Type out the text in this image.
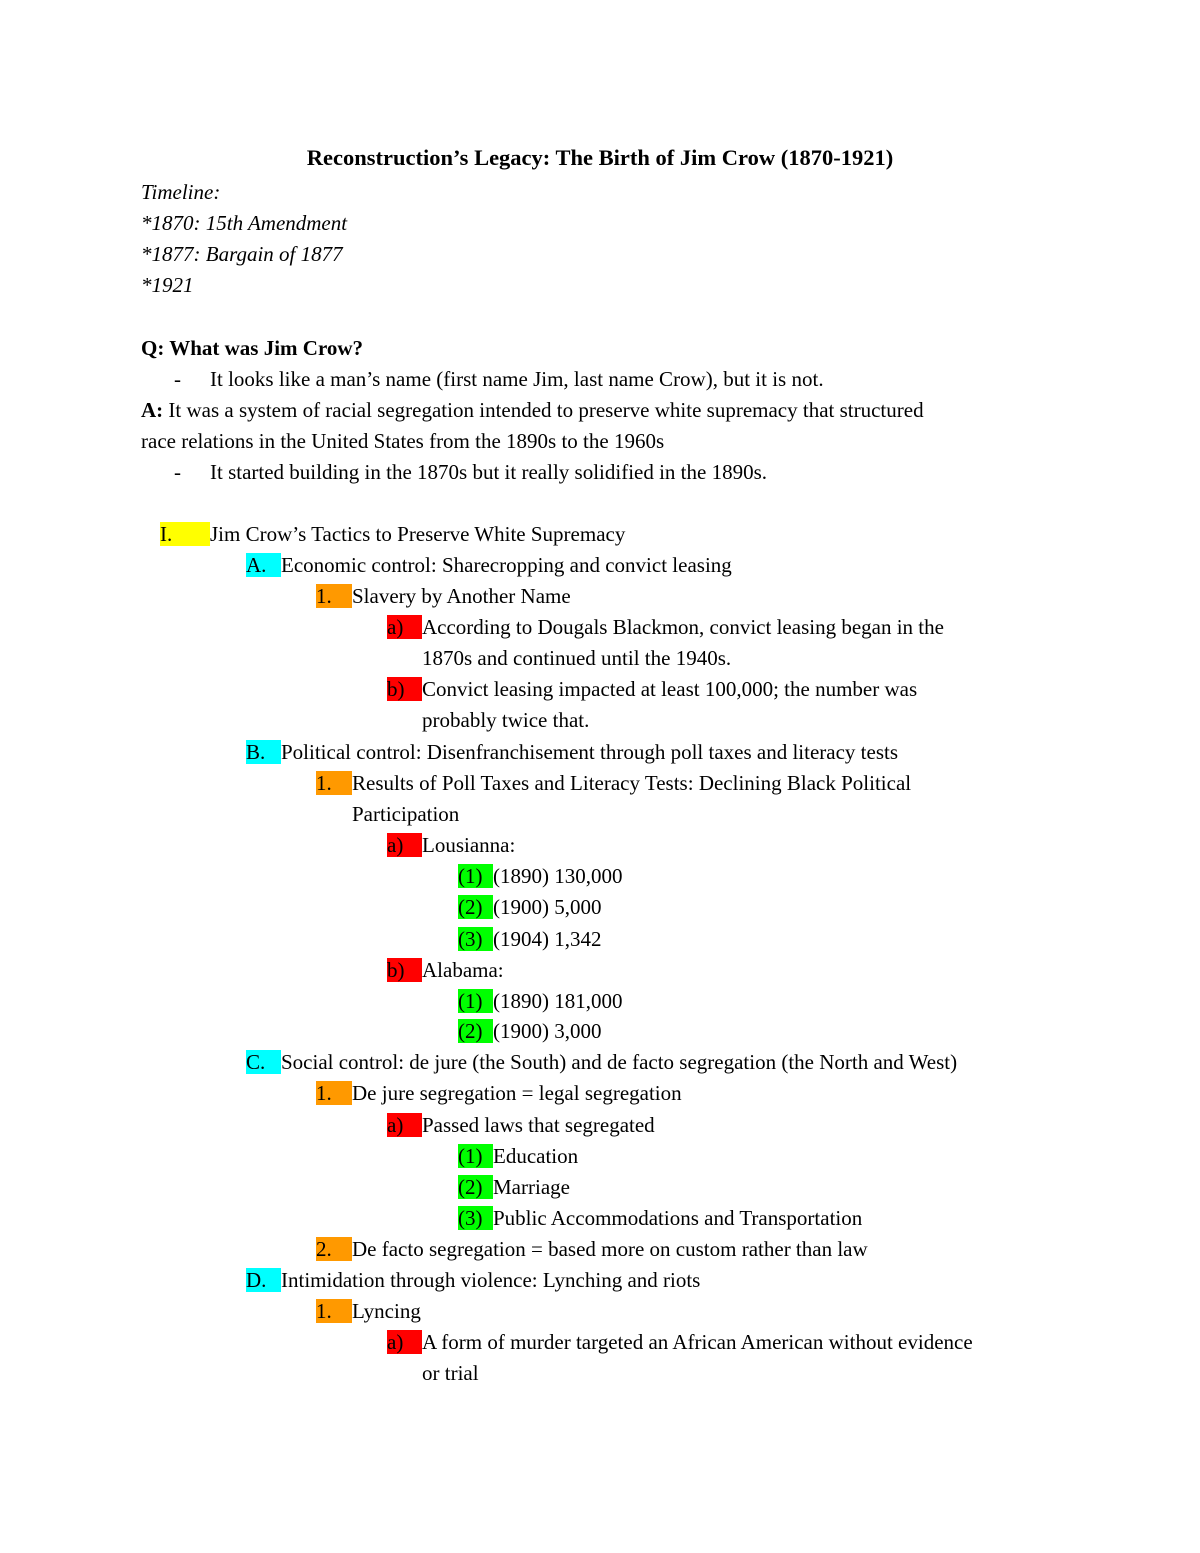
Reconstruction’s Legacy: The Birth of Jim Crow (1870-1921)
Timeline:
*1870: 15th Amendment
*1877: Bargain of 1877
*1921
Q: What was Jim Crow?
- It looks like a man’s name (first name Jim, last name Crow), but it is not.
A: It was a system of racial segregation intended to preserve white supremacy that structured
race relations in the United States from the 1890s to the 1960s
- It started building in the 1870s but it really solidified in the 1890s.
I. Jim Crow’s Tactics to Preserve White Supremacy
A. Economic control: Sharecropping and convict leasing
1. Slavery by Another Name
a) According to Dougals Blackmon, convict leasing began in the
1870s and continued until the 1940s.
b) Convict leasing impacted at least 100,000; the number was
probably twice that.
B. Political control: Disenfranchisement through poll taxes and literacy tests
1. Results of Poll Taxes and Literacy Tests: Declining Black Political
Participation
a) Lousianna:
(1) (1890) 130,000
(2) (1900) 5,000
(3) (1904) 1,342
b) Alabama:
(1) (1890) 181,000
(2) (1900) 3,000
C. Social control: de jure (the South) and de facto segregation (the North and West)
1. De jure segregation = legal segregation
a) Passed laws that segregated
(1) Education
(2) Marriage
(3) Public Accommodations and Transportation
2. De facto segregation = based more on custom rather than law
D. Intimidation through violence: Lynching and riots
1. Lyncing
a) A form of murder targeted an African American without evidence
or trial
